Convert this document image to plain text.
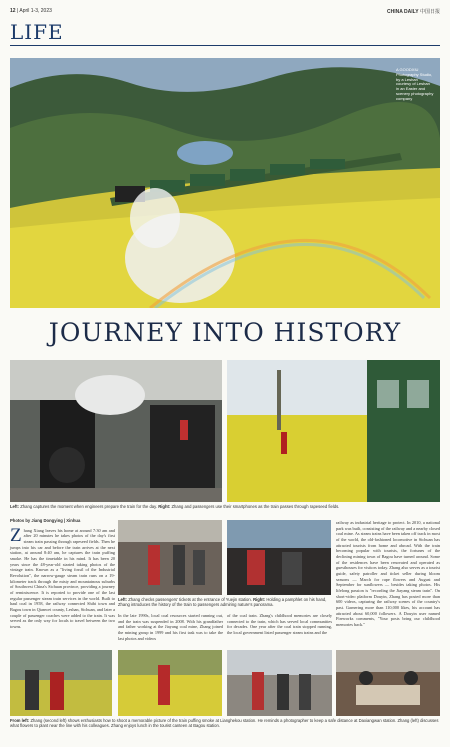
12 | April 1-3, 2023	CHINA DAILY 中国日报
LIFE
A GOODXIU Photography Studio, by a Leshan courtesy of Leshan in an Easter and scenery photography company
JOURNEY INTO HISTORY
Left: Zhang captures the moment when engineers prepare the train for the day. Right: Zhang and passengers use their smartphones as the train passes through rapeseed fields.
Photos by Jiang Dongying | Xinhua

Zhang Xiang leaves his home at around 7:30 am and after 20 minutes he takes photos of the day's first steam train passing through rapeseed fields. Then he jumps into his car and before the train arrives at the next station, at around 8:40 am, he captures the train puffing smoke. He has the timetable in his mind. It has been 20 years since the 48-year-old started taking photos of the vintage train. Known as a "living fossil of the Industrial Revolution", the narrow-gauge steam train runs on a 19-kilometer track through the misty and mountainous suburbs of Southwest China's Sichuan province, providing a journey of reminiscence. It is reported to provide one of the last regular passenger steam train services in the world. Built to haul coal in 1958, the railway connected Shibi town and Bagou town in Qianwei county, Leshan, Sichuan, and later a couple of passenger coaches were added to the train. It was served as the only way for locals to travel between the two towns.

Left: Zhang checks passengers' tickets at the entrance of Yuejin station. Right: Holding a pamphlet on his hand, Zhang introduces the history of the train to passengers admiring nature's panorama.

In the late 1990s, local coal resources started running out, and the train was suspended in 2008. With his grandfather and father working at the Jiayang coal mine, Zhang joined the mining group in 1999 and his first task was to take the last photos and videos

of the coal train. Zhang's childhood memories are closely connected to the train, which has served local communities for decades. One year after the coal train stopped running, the local government listed passenger steam trains and the

railway as industrial heritage to protect. In 2010, a national park was built, consisting of the railway and a nearby closed coal mine. As steam trains have been taken off track in most of the world, the old-fashioned locomotive in Sichuan has attracted tourists from home and abroad. With the train becoming popular with tourists, the fortunes of the declining mining town of Bagou have turned around. Some of the residences have been renovated and operated as guesthouses for visitors today. Zhang also serves as a tourist guide, safety patroller and ticket seller during bloom seasons — March for rape flowers and August and September for sunflowers — besides taking photos. His lifelong passion is "recording the Jiayang steam train". On short-video platform Douyin, Zhang has posted more than 600 videos, capturing the railway scenes of the country's past. Garnering more than 110,000 likes, his account has attracted about 60,000 followers. A Douyin user named Fireworks comments, "Your posts bring our childhood memories back."

From left: Zhang (second left) shows enthusiasts how to shoot a memorable picture of the train puffing smoke at Lianghekou station. He reminds a photographer to keep a safe distance at Daxiangwan station. Zhang (left) discusses what flowers to plant near the line with his colleagues. Zhang enjoys lunch in the tourist canteen at Bagou station.
